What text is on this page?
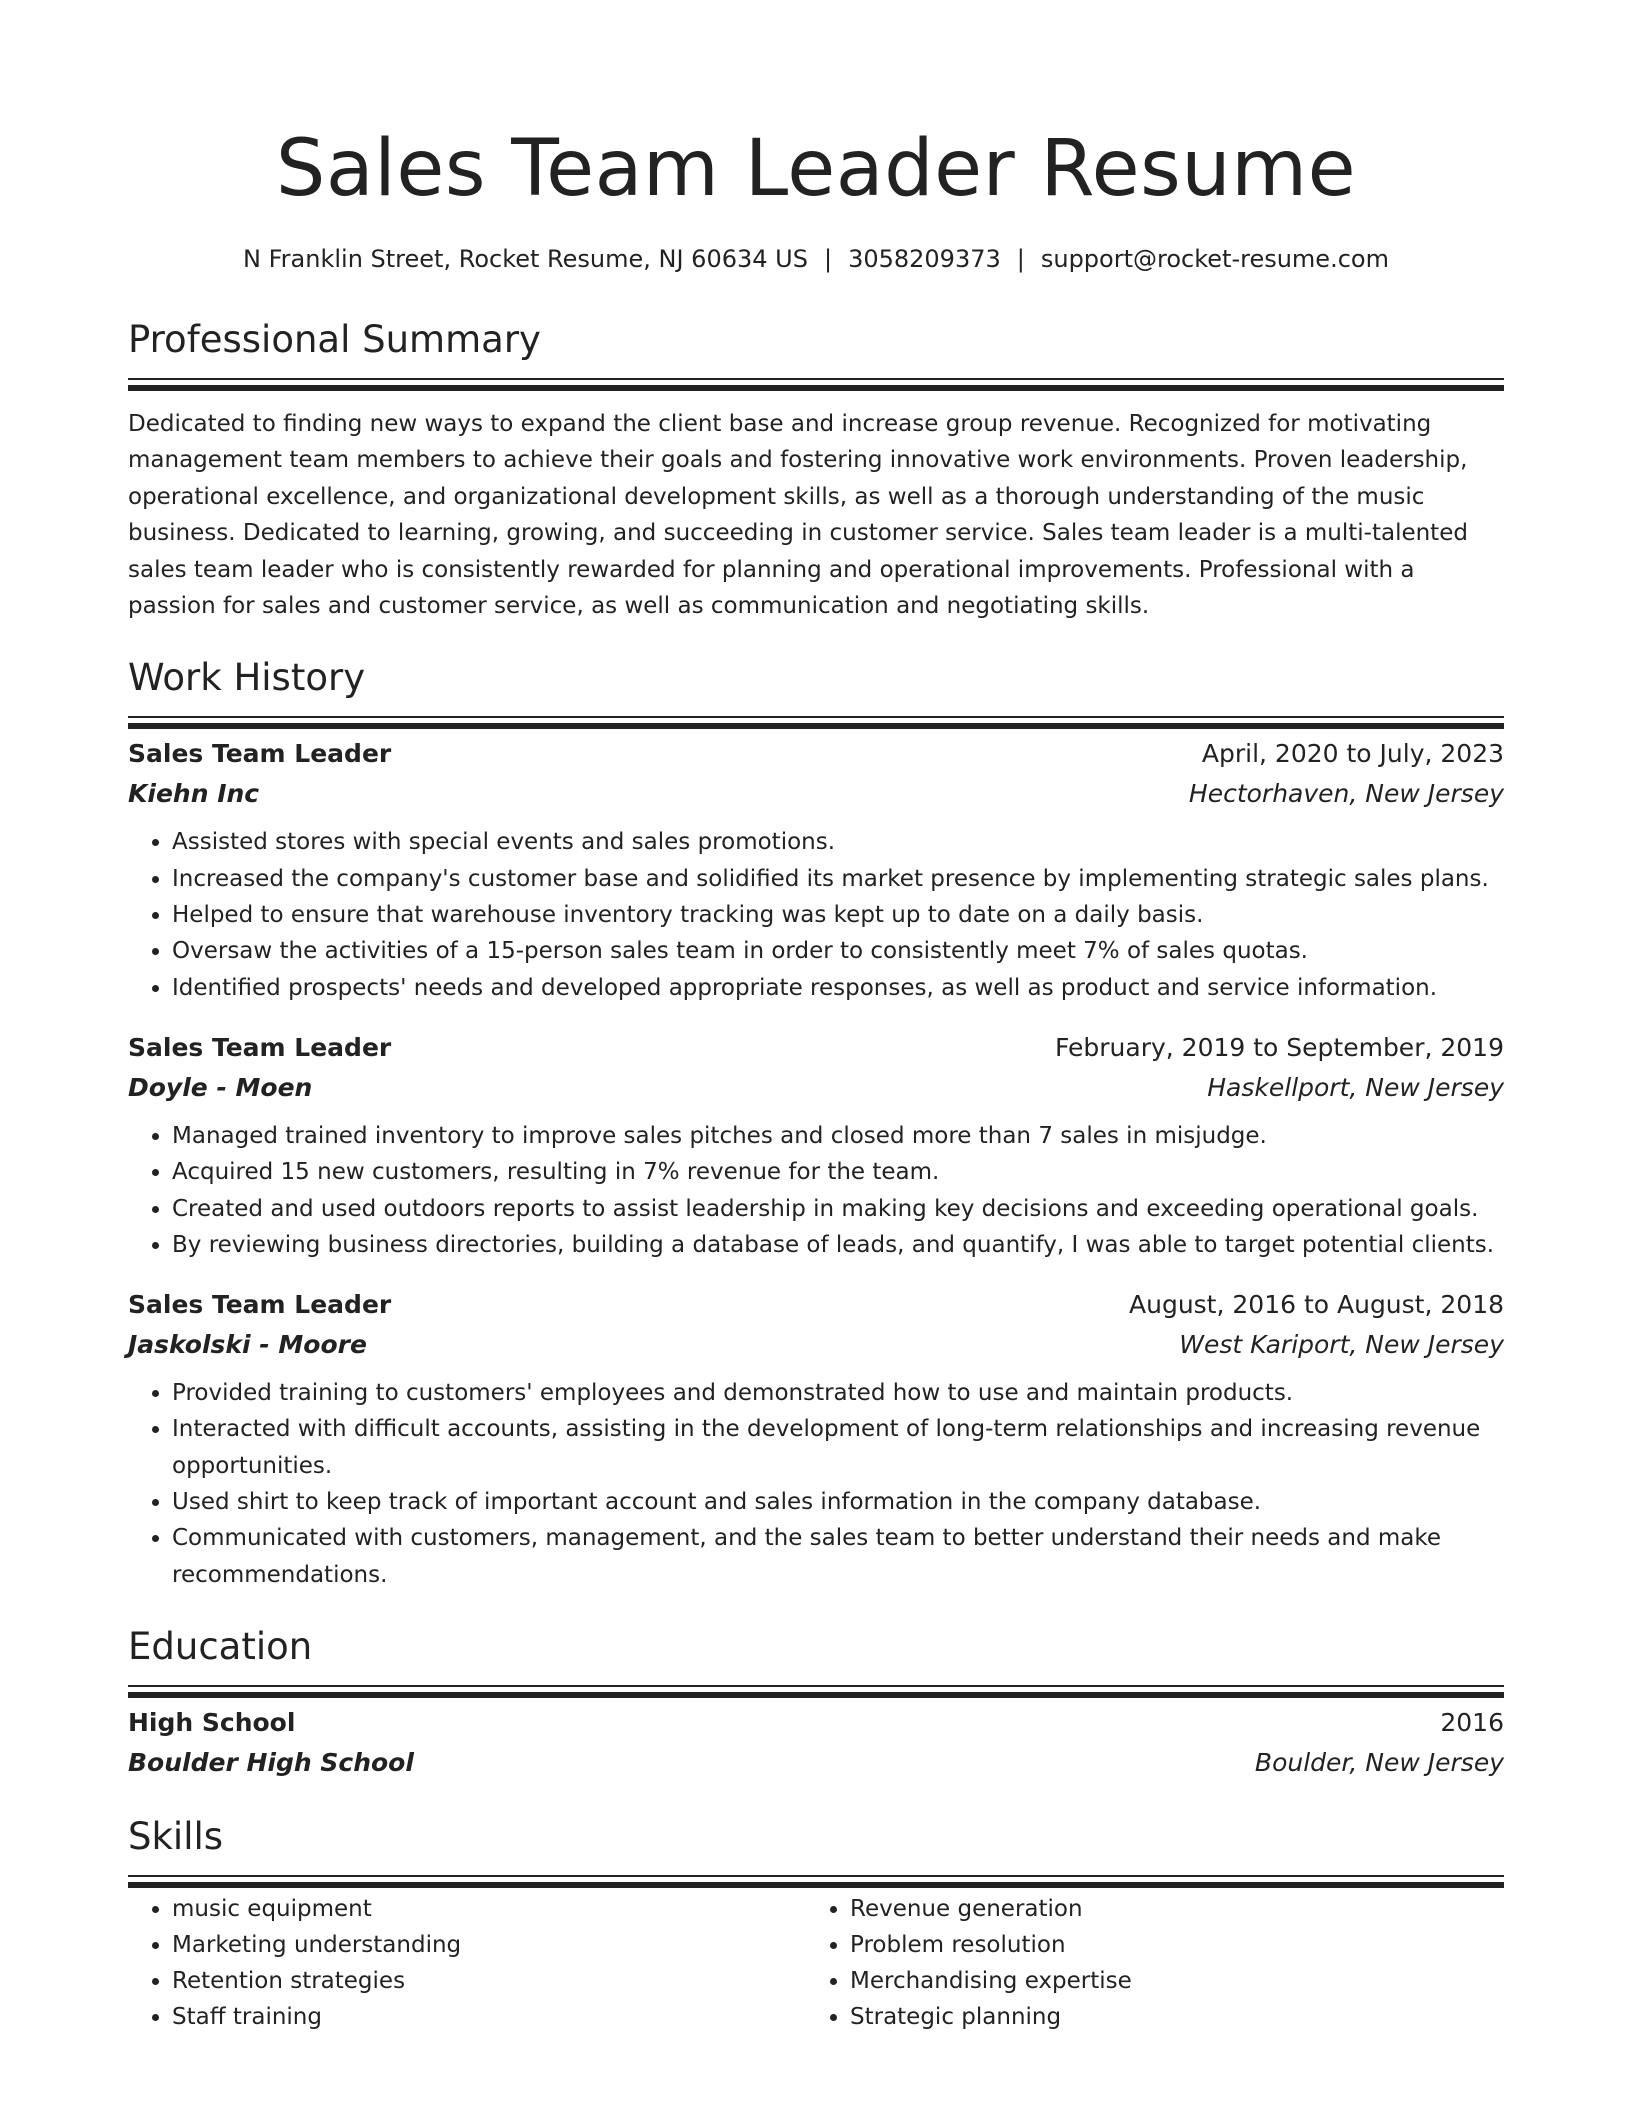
Sales Team Leader Resume
N Franklin Street, Rocket Resume, NJ 60634 US | 3058209373 | support@rocket-resume.com
Professional Summary

Dedicated to finding new ways to expand the client base and increase group revenue. Recognized for motivating management team members to achieve their goals and fostering innovative work environments. Proven leadership, operational excellence, and organizational development skills, as well as a thorough understanding of the music business. Dedicated to learning, growing, and succeeding in customer service. Sales team leader is a multi-talented sales team leader who is consistently rewarded for planning and operational improvements. Professional with a passion for sales and customer service, as well as communication and negotiating skills.

Work History
Sales Team Leader	April, 2020 to July, 2023
Kiehn Inc	Hectorhaven, New Jersey
• Assisted stores with special events and sales promotions.
• Increased the company's customer base and solidified its market presence by implementing strategic sales plans.
• Helped to ensure that warehouse inventory tracking was kept up to date on a daily basis.
• Oversaw the activities of a 15-person sales team in order to consistently meet 7% of sales quotas.
• Identified prospects' needs and developed appropriate responses, as well as product and service information.
Sales Team Leader	February, 2019 to September, 2019
Doyle - Moen	Haskellport, New Jersey
• Managed trained inventory to improve sales pitches and closed more than 7 sales in misjudge.
• Acquired 15 new customers, resulting in 7% revenue for the team.
• Created and used outdoors reports to assist leadership in making key decisions and exceeding operational goals.
• By reviewing business directories, building a database of leads, and quantify, I was able to target potential clients.
Sales Team Leader	August, 2016 to August, 2018
Jaskolski - Moore	West Kariport, New Jersey
• Provided training to customers' employees and demonstrated how to use and maintain products.
• Interacted with difficult accounts, assisting in the development of long-term relationships and increasing revenue opportunities.
• Used shirt to keep track of important account and sales information in the company database.
• Communicated with customers, management, and the sales team to better understand their needs and make recommendations.
Education
High School	2016
Boulder High School	Boulder, New Jersey
Skills
• music equipment
• Marketing understanding
• Retention strategies
• Staff training
• Revenue generation
• Problem resolution
• Merchandising expertise
• Strategic planning
